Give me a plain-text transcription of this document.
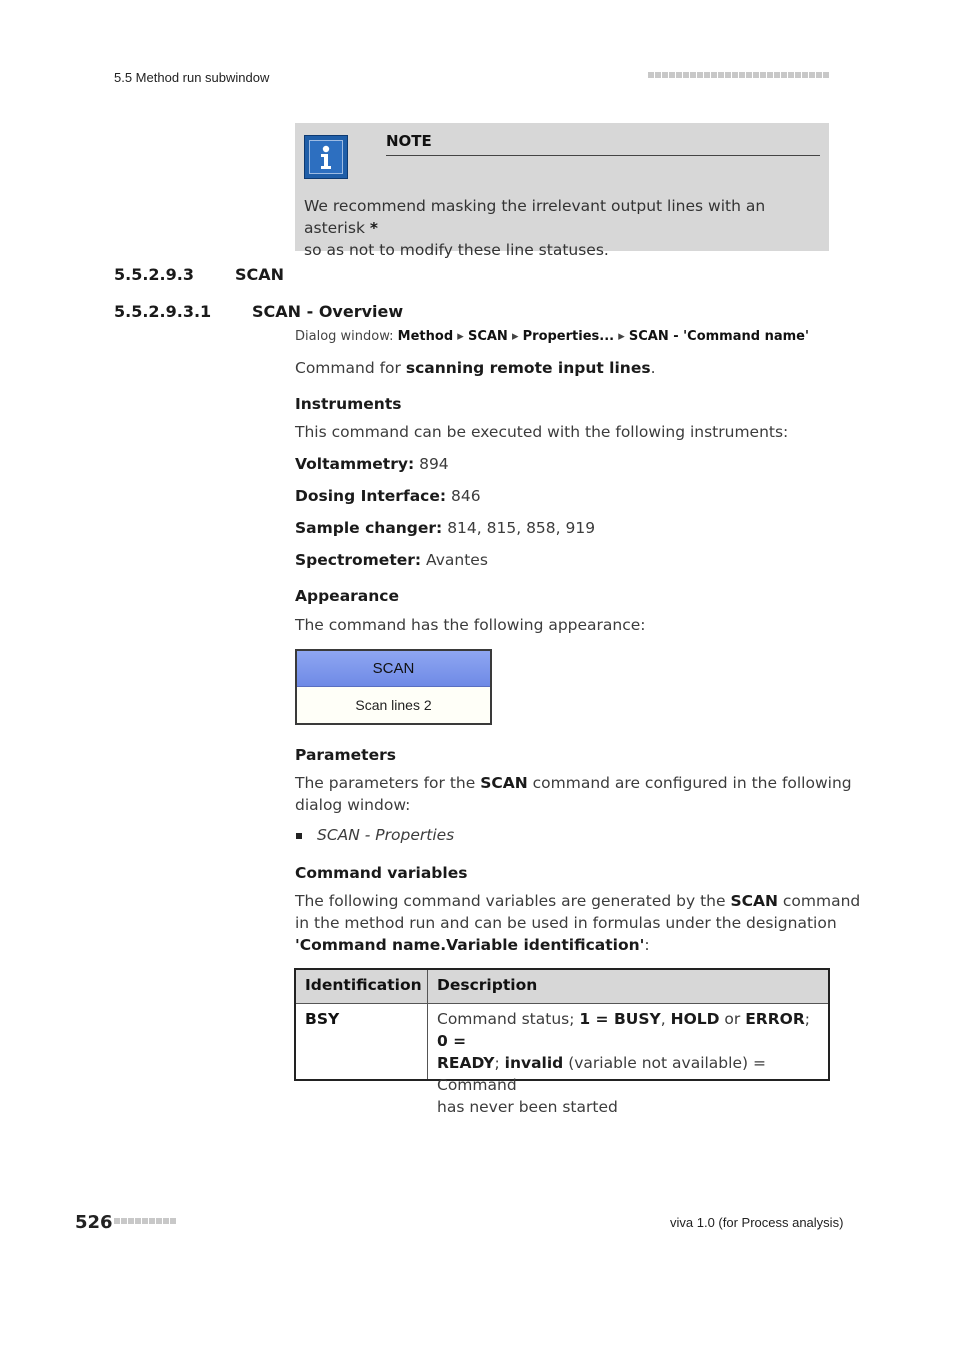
5.5 Method run subwindow
NOTE
We recommend masking the irrelevant output lines with an asterisk *
so as not to modify these line statuses.
5.5.2.9.3	SCAN
5.5.2.9.3.1	SCAN - Overview
Dialog window: Method ▸ SCAN ▸ Properties... ▸ SCAN - 'Command name'
Command for scanning remote input lines.
Instruments
This command can be executed with the following instruments:
Voltammetry: 894
Dosing Interface: 846
Sample changer: 814, 815, 858, 919
Spectrometer: Avantes
Appearance
The command has the following appearance:
SCAN
Scan lines 2
Parameters
The parameters for the SCAN command are configured in the following
dialog window:
SCAN - Properties
Command variables
The following command variables are generated by the SCAN command
in the method run and can be used in formulas under the designation
'Command name.Variable identification':
Identification Description
BSY	Command status; 1 = BUSY, HOLD or ERROR; 0 =
READY; invalid (variable not available) = Command
has never been started
526	viva 1.0 (for Process analysis)
